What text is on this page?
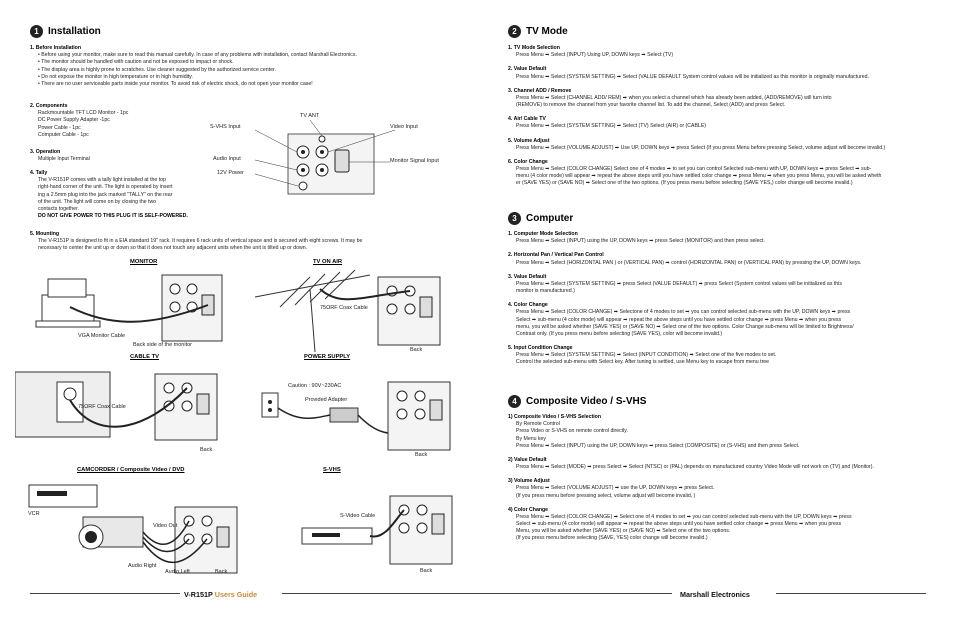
1 Installation

1. Before Installation

• Before using your monitor, make sure to read this manual carefully. In case of any problems with installation, contact Marshall Electronics.

• The monitor should be handled with caution and not be exposed to impact or shock.

• The display area is highly prone to scratches. Use cleaner suggested by the authorized service center.

• Do not expose the monitor in high temperature or in high humidity.

• There are no user serviceable parts inside your monitor. To avoid risk of electric shock, do not open your monitor case!

2. Components

Rackmountable TFT LCD Monitor - 1pc

DC Power Supply Adapter -1pc

Power Cable - 1pc

Computer Cable - 1pc

3. Operation

Multiple Input Terminal

4. Tally

The V-R151P comes with a tally light installed at the top

right-hand corner of the unit. The light is operated by insert

ing a 2.5mm plug into the jack marked "TALLY" on the rear

of the unit. The light will come on by closing the two

contacts together.

DO NOT GIVE POWER TO THIS PLUG IT IS SELF-POWERED.

5. Mounting

The V-R151P is designed to fit in a EIA standard 19" rack. It requires 6 rack units of vertical space and is secured with eight screws. It may be

necessary to center the unit up or down so that it does not touch any adjacent units when the unit is tilted up or down.

TV ANT
S-VHS Input	Video Input
Audio Input	Monitor Signal Input
12V Power
MONITOR	TV ON AIR
VGA Monitor Cable
Back side of the monitor
75ΩRF Coax Cable
Back
CABLE TV	POWER SUPPLY
75ΩRF Coax Cable
Back
Caution : 90V~230AC
Provided Adapter
Back
CAMCORDER / Composite Video / DVD	S-VHS
VCR
Video Out
Audio Right
Audio Left	Back
S-Video Cable
Back
2 TV Mode

1. TV Mode Selection

Press Menu ➡ Select (INPUT) Using UP, DOWN keys ➡ Select (TV)

2. Value Default

Press Menu ➡ Select (SYSTEM SETTING) ➡ Select (VALUE DEFAULT System control values will be initialized as this monitor is originally manufactured.

3. Channel ADD / Remove

Press Menu ➡ Select (CHANNEL ADD/ REM) ➡ when you select a channel which has already been added, (ADD/REMOVE) will turn into

(REMOVE) to remove the channel from your favorite channel list. To add the channel, Select (ADD) and press Select.

4. Air/ Cable TV

Press Menu ➡ Select (SYSTEM SETTING) ➡ Select (TV) Select (AIR) or (CABLE)

5. Volume Adjust

Press Menu ➡ Select (VOLUME ADJUST) ➡ Use UP, DOWN keys ➡ press Select (If you press Menu before pressing Select, volume adjust will become invalid.)

6. Color Change

Press Menu ➡ Select (COLOR CHANGE) Select one of 4 modes ➡ to set you can control Selected sub-menu with UP, DOWN keys ➡ press Select ➡ sub-

menu (4 color mode) will appear ➡ repeat the above steps until you have settled color change ➡ press Menu ➡ when you press Menu, you will be asked wheth

er (SAVE YES) or (SAVE NO) ➡ Select one of the two options. (If you press menu before selecting (SAVE YES,) color change will become invalid.)

3 Computer

1. Computer Mode Selection

Press Menu ➡ Select (INPUT) using the UP, DOWN keys ➡ press Select (MONITOR) and then press select.

2. Horizontal Pan / Vertical Pan Control

Press Menu ➡ Select (HORIZONTAL PAN ) or (VERTICAL PAN) ➡ control (HORIZONTAL PAN) or (VERTICAL PAN) by pressing the UP, DOWN keys.

3. Value Default

Press Menu ➡ Select (SYSTEM SETTING) ➡ press Select (VALUE DEFAULT) ➡ press Select (System control values will be initialized as this

monitor is manufactured.)

4. Color Change

Press Menu ➡ Select (COLOR CHANGE) ➡ Selectone of 4 modes to set ➡ you can control selected sub-menu with the UP, DOWN keys ➡ press

Select ➡ sub-menu (4 color mode) will appear ➡ repeat the above steps until you have settled color change ➡ press Menu ➡ when you press

menu, you will be asked whether (SAVE YES) or (SAVE NO) ➡ Select one of the two options. Color Change sub-menu will be limited to Brightness/

Contrast only. (If you press menu before selecting (SAVE YES), color will become invalid.)

5. Input Condition Change

Press Menu ➡ Select (SYSTEM SETTING) ➡ Select (INPUT CONDITION) ➡ Select one of the five modes to set.

Control the selected sub-menu with Select key. After tuning is settled, use Menu key to escape from menu tree

4 Composite Video / S-VHS

1) Composite Video / S-VHS Selection

By Remote Control

Press Video or S-VHS on remote control directly.

By Menu key

Press Menu ➡ Select (INPUT) using the UP, DOWN keys ➡ press Select (COMPOSITE) or (S-VHS) and then press Select.

2) Value Default

Press Menu ➡ Select (MODE) ➡ press Select ➡ Select (NTSC) or (PAL) depends on manufactured country Video Mode will not work on (TV) and (Monitor).

3) Volume Adjust

Press Menu ➡ Select (VOLUME ADJUST) ➡ use the UP, DOWN keys ➡ press Select.

(If you press menu before pressing select, volume adjust will become invalid, )

4) Color Change

Press Menu ➡ Select (COLOR CHANGE) ➡ Select one of 4 modes to set ➡ you can control selected sub-menu with the UP, DOWN keys ➡ press

Select ➡ sub-menu (4 color mode) will appear ➡ repeat the above steps until you have settled color change ➡ press Menu ➡ when you press

Menu, you will be asked whether (SAVE YES) or (SAVE NO) ➡ Select one of the two options.

(If you press menu before selecting (SAVE, YES) color change will become invalid.)

V-R151P
Users Guide	Marshall Electronics
